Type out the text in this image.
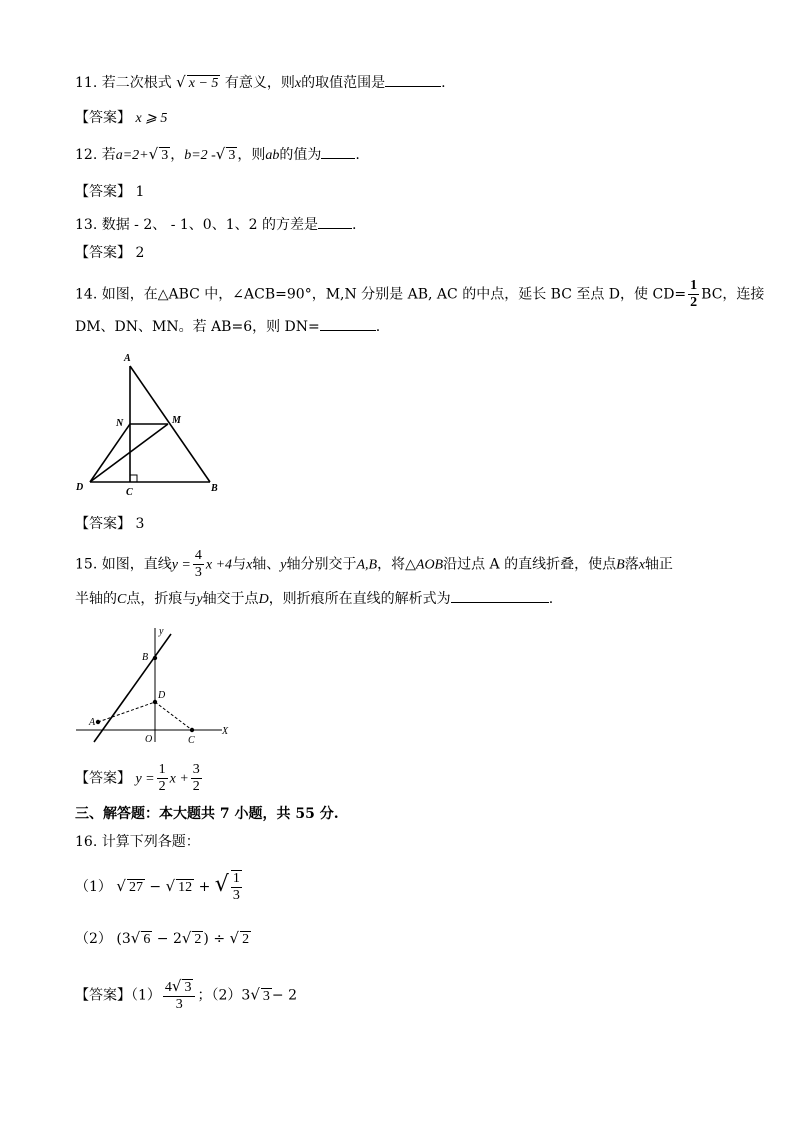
11. 若二次根式 √ x − 5 有意义，则x的取值范围是	.
【答案】 x ⩾ 5
12. 若a=2+√ 3 ，b=2 -√ 3 ，则ab的值为 .
【答案】 1
13. 数据 - 2、 - 1、0、1、2 的方差是 .
【答案】 2
14. 如图，在△ABC 中，∠ACB=90°，M,N 分别是 AB, AC 的中点，延长 BC 至点 D，使 $CD= \frac{1}{2}$ BC，连接
DM、DN、MN。若 AB=6，则 DN=	.
A
N	M
D	C	B
【答案】 3
15. 如图，直线$y = \frac{4}{3}$ x +4与x轴、y轴分别交于A,B，将△AOB沿过点 A 的直线折叠，使点B落x轴正
半轴的C点，折痕与y轴交于点D，则折痕所在直线的解析式为	.
y
B
D
A
O	C
X
【答案】 $y = \frac{1}{2}$ $x + \frac{3}{2}$
三、解答题：本大题共 7 小题，共 55 分.
16. 计算下列各题：
（1） √ 27 − √ 12 + √ $\frac{1}{3}$
（2） (3√ 6 − 2√ 2 ) ÷ √ 2
【答案】$(1) \frac{4√ 3}{3}$ ；（2）3√ 3 − 2
